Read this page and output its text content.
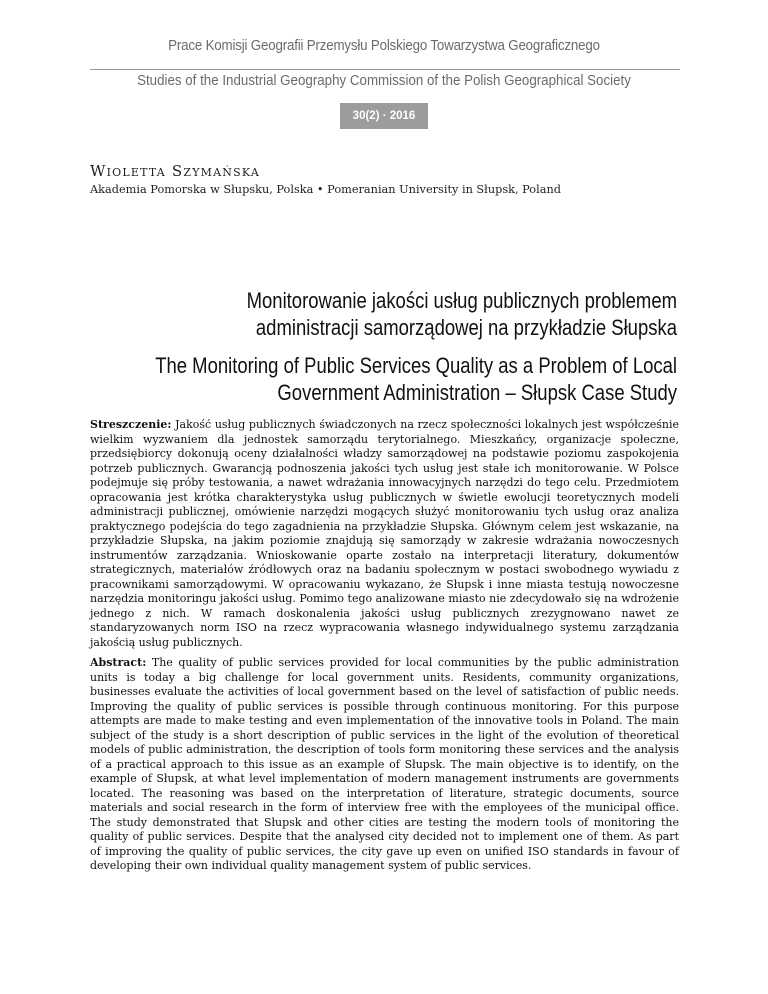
Prace Komisji Geografii Przemysłu Polskiego Towarzystwa Geograficznego
Studies of the Industrial Geography Commission of the Polish Geographical Society
30(2) · 2016
Wioletta Szymańska
Akademia Pomorska w Słupsku, Polska • Pomeranian University in Słupsk, Poland
Monitorowanie jakości usług publicznych problemem administracji samorządowej na przykładzie Słupska
The Monitoring of Public Services Quality as a Problem of Local Government Administration – Słupsk Case Study

Streszczenie: Jakość usług publicznych świadczonych na rzecz społeczności lokalnych jest współcześnie wielkim wyzwaniem dla jednostek samorządu terytorialnego. Mieszkańcy, organizacje społeczne, przedsiębiorcy dokonują oceny działalności władzy samorządowej na podstawie poziomu zaspokojenia potrzeb publicznych. Gwarancją podnoszenia jakości tych usług jest stałe ich monitorowanie. W Polsce podejmuje się próby testowania, a nawet wdrażania innowacyjnych narzędzi do tego celu. Przedmiotem opracowania jest krótka charakterystyka usług publicznych w świetle ewolucji teoretycznych modeli administracji publicznej, omówienie narzędzi mogących służyć monitorowaniu tych usług oraz analiza praktycznego podejścia do tego zagadnienia na przykładzie Słupska. Głównym celem jest wskazanie, na przykładzie Słupska, na jakim poziomie znajdują się samorządy w zakresie wdrażania nowoczesnych instrumentów zarządzania. Wnioskowanie oparte zostało na interpretacji literatury, dokumentów strategicznych, materiałów źródłowych oraz na badaniu społecznym w postaci swobodnego wywiadu z pracownikami samorządowymi. W opracowaniu wykazano, że Słupsk i inne miasta testują nowoczesne narzędzia monitoringu jakości usług. Pomimo tego analizowane miasto nie zdecydowało się na wdrożenie jednego z nich. W ramach doskonalenia jakości usług publicznych zrezygnowano nawet ze standaryzowanych norm ISO na rzecz wypracowania własnego indywidualnego systemu zarządzania jakością usług publicznych.

Abstract: The quality of public services provided for local communities by the public administration units is today a big challenge for local government units. Residents, community organizations, businesses evaluate the activities of local government based on the level of satisfaction of public needs. Improving the quality of public services is possible through continuous monitoring. For this purpose attempts are made to make testing and even implementation of the innovative tools in Poland. The main subject of the study is a short description of public services in the light of the evolution of theoretical models of public administration, the description of tools form monitoring these services and the analysis of a practical approach to this issue as an example of Słupsk. The main objective is to identify, on the example of Słupsk, at what level implementation of modern management instruments are governments located. The reasoning was based on the interpretation of literature, strategic documents, source materials and social research in the form of interview free with the employees of the municipal office. The study demonstrated that Słupsk and other cities are testing the modern tools of monitoring the quality of public services. Despite that the analysed city decided not to implement one of them. As part of improving the quality of public services, the city gave up even on unified ISO standards in favour of developing their own individual quality management system of public services.
